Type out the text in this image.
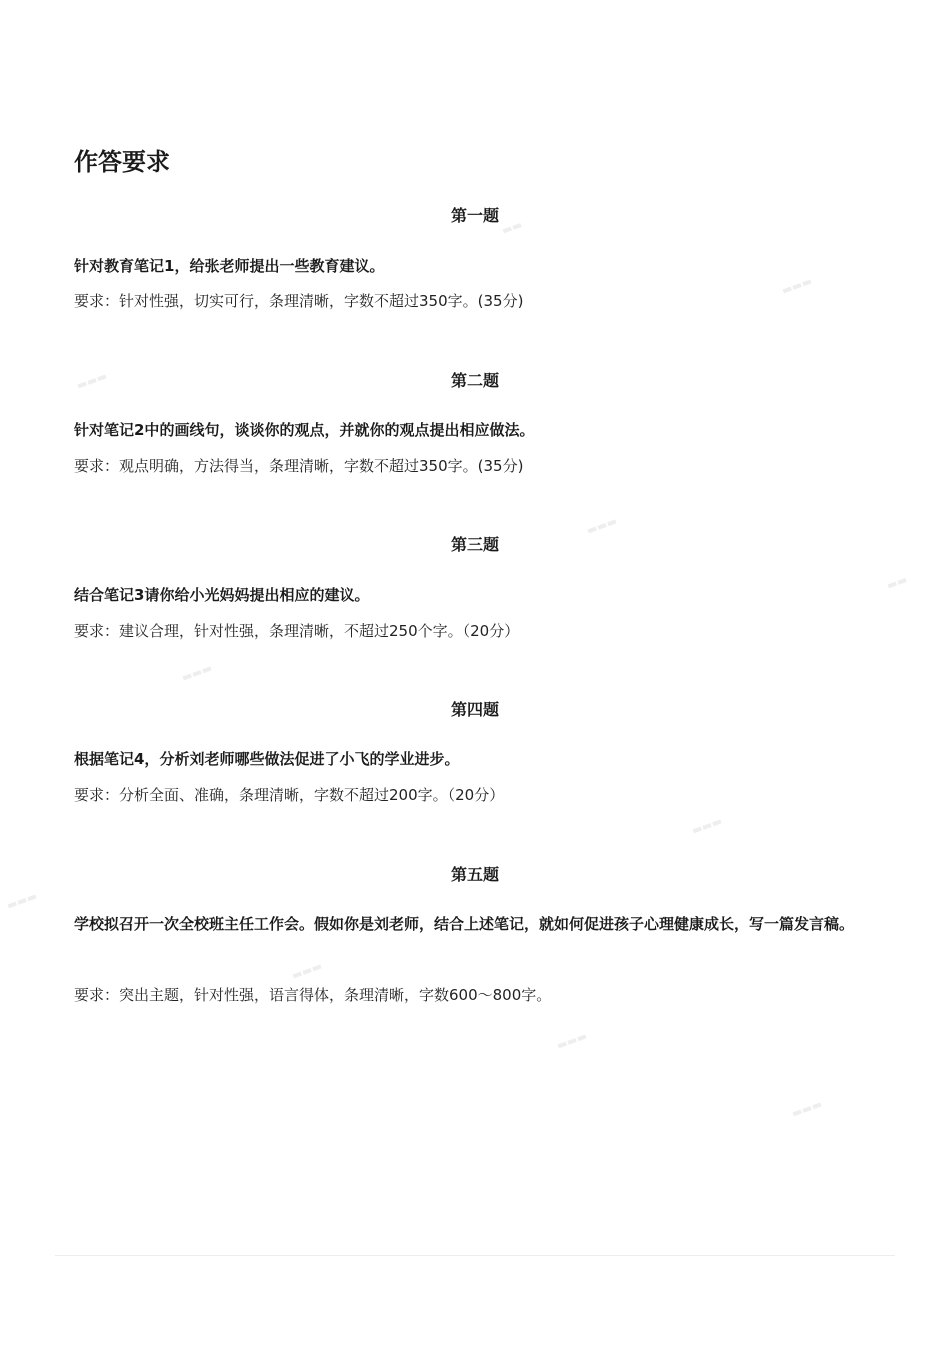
作答要求
第一题
针对教育笔记1，给张老师提出一些教育建议。
要求：针对性强，切实可行，条理清晰，字数不超过350字。(35分)
第二题
针对笔记2中的画线句，谈谈你的观点，并就你的观点提出相应做法。
要求：观点明确，方法得当，条理清晰，字数不超过350字。(35分)
第三题
结合笔记3请你给小光妈妈提出相应的建议。
要求：建议合理，针对性强，条理清晰，不超过250个字。（20分）
第四题
根据笔记4，分析刘老师哪些做法促进了小飞的学业进步。
要求：分析全面、准确，条理清晰，字数不超过200字。（20分）
第五题
学校拟召开一次全校班主任工作会。假如你是刘老师，结合上述笔记，就如何促进孩子心理健康成长，写一篇发言稿。
要求：突出主题，针对性强，语言得体，条理清晰，字数600～800字。
▬▬
▬▬▬
▬▬▬
▬▬▬
▬▬
▬▬▬
▬▬▬
▬▬▬
▬▬▬
▬▬▬
▬▬▬
